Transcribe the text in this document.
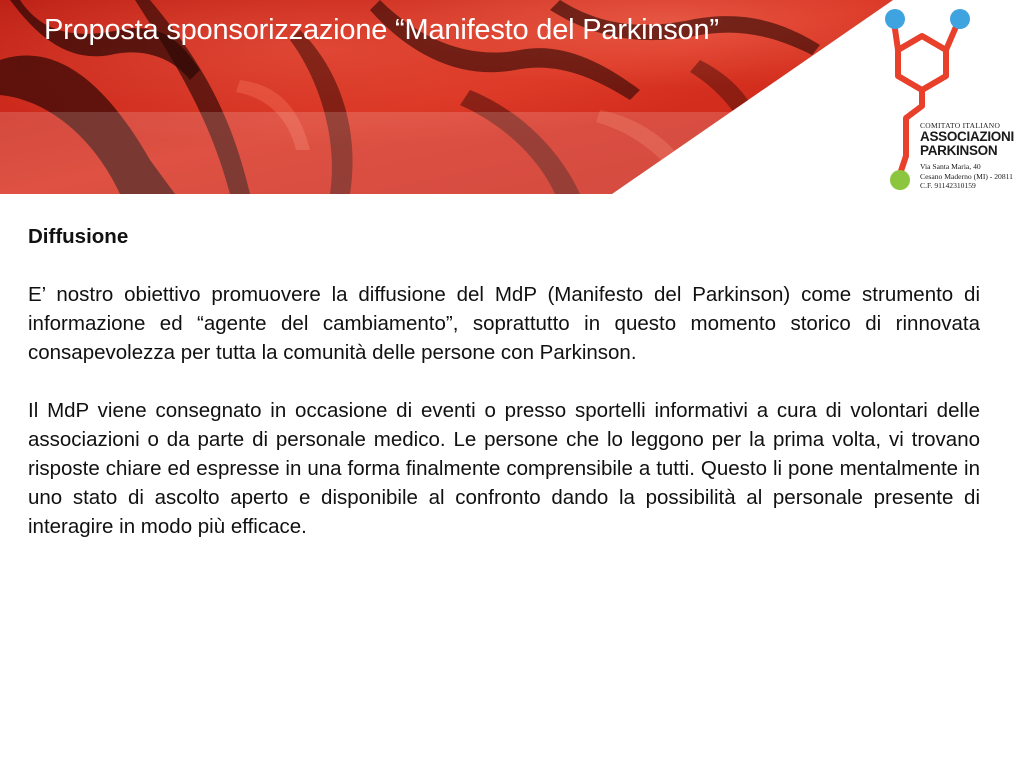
Proposta sponsorizzazione “Manifesto del Parkinson”
COMITATO ITALIANO
ASSOCIAZIONI
PARKINSON
Via Santa Maria, 40
Cesano Maderno (MI) - 20811
C.F. 91142310159
Diffusione

E’ nostro obiettivo promuovere la diffusione del MdP (Manifesto del Parkinson) come strumento di informazione ed “agente del cambiamento”, soprattutto in questo momento storico di rinnovata consapevolezza per tutta la comunità delle persone con Parkinson.

Il MdP viene consegnato in occasione di eventi o presso sportelli informativi a cura di volontari delle associazioni o da parte di personale medico. Le persone che lo leggono per la prima volta, vi trovano risposte chiare ed espresse in una forma finalmente comprensibile a tutti. Questo li pone mentalmente in uno stato di ascolto aperto e disponibile al confronto dando la possibilità al personale presente di interagire in modo più efficace.
